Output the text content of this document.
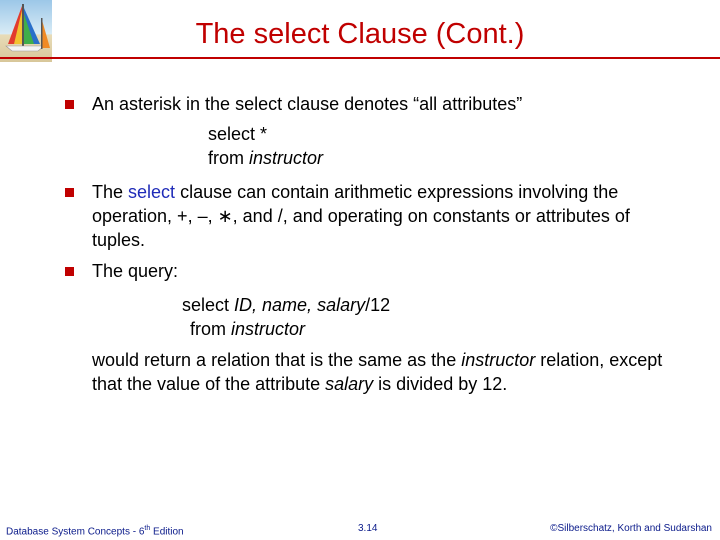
The select Clause (Cont.)
An asterisk in the select clause denotes “all attributes”
select *
from instructor
The select clause can contain arithmetic expressions involving the operation, +, –, ∗, and /, and operating on constants or attributes of tuples.
The query:
select ID, name, salary/12
from instructor
would return a relation that is the same as the instructor relation, except that the value of the attribute salary is divided by 12.
Database System Concepts - 6th Edition	3.14	©Silberschatz, Korth and Sudarshan
